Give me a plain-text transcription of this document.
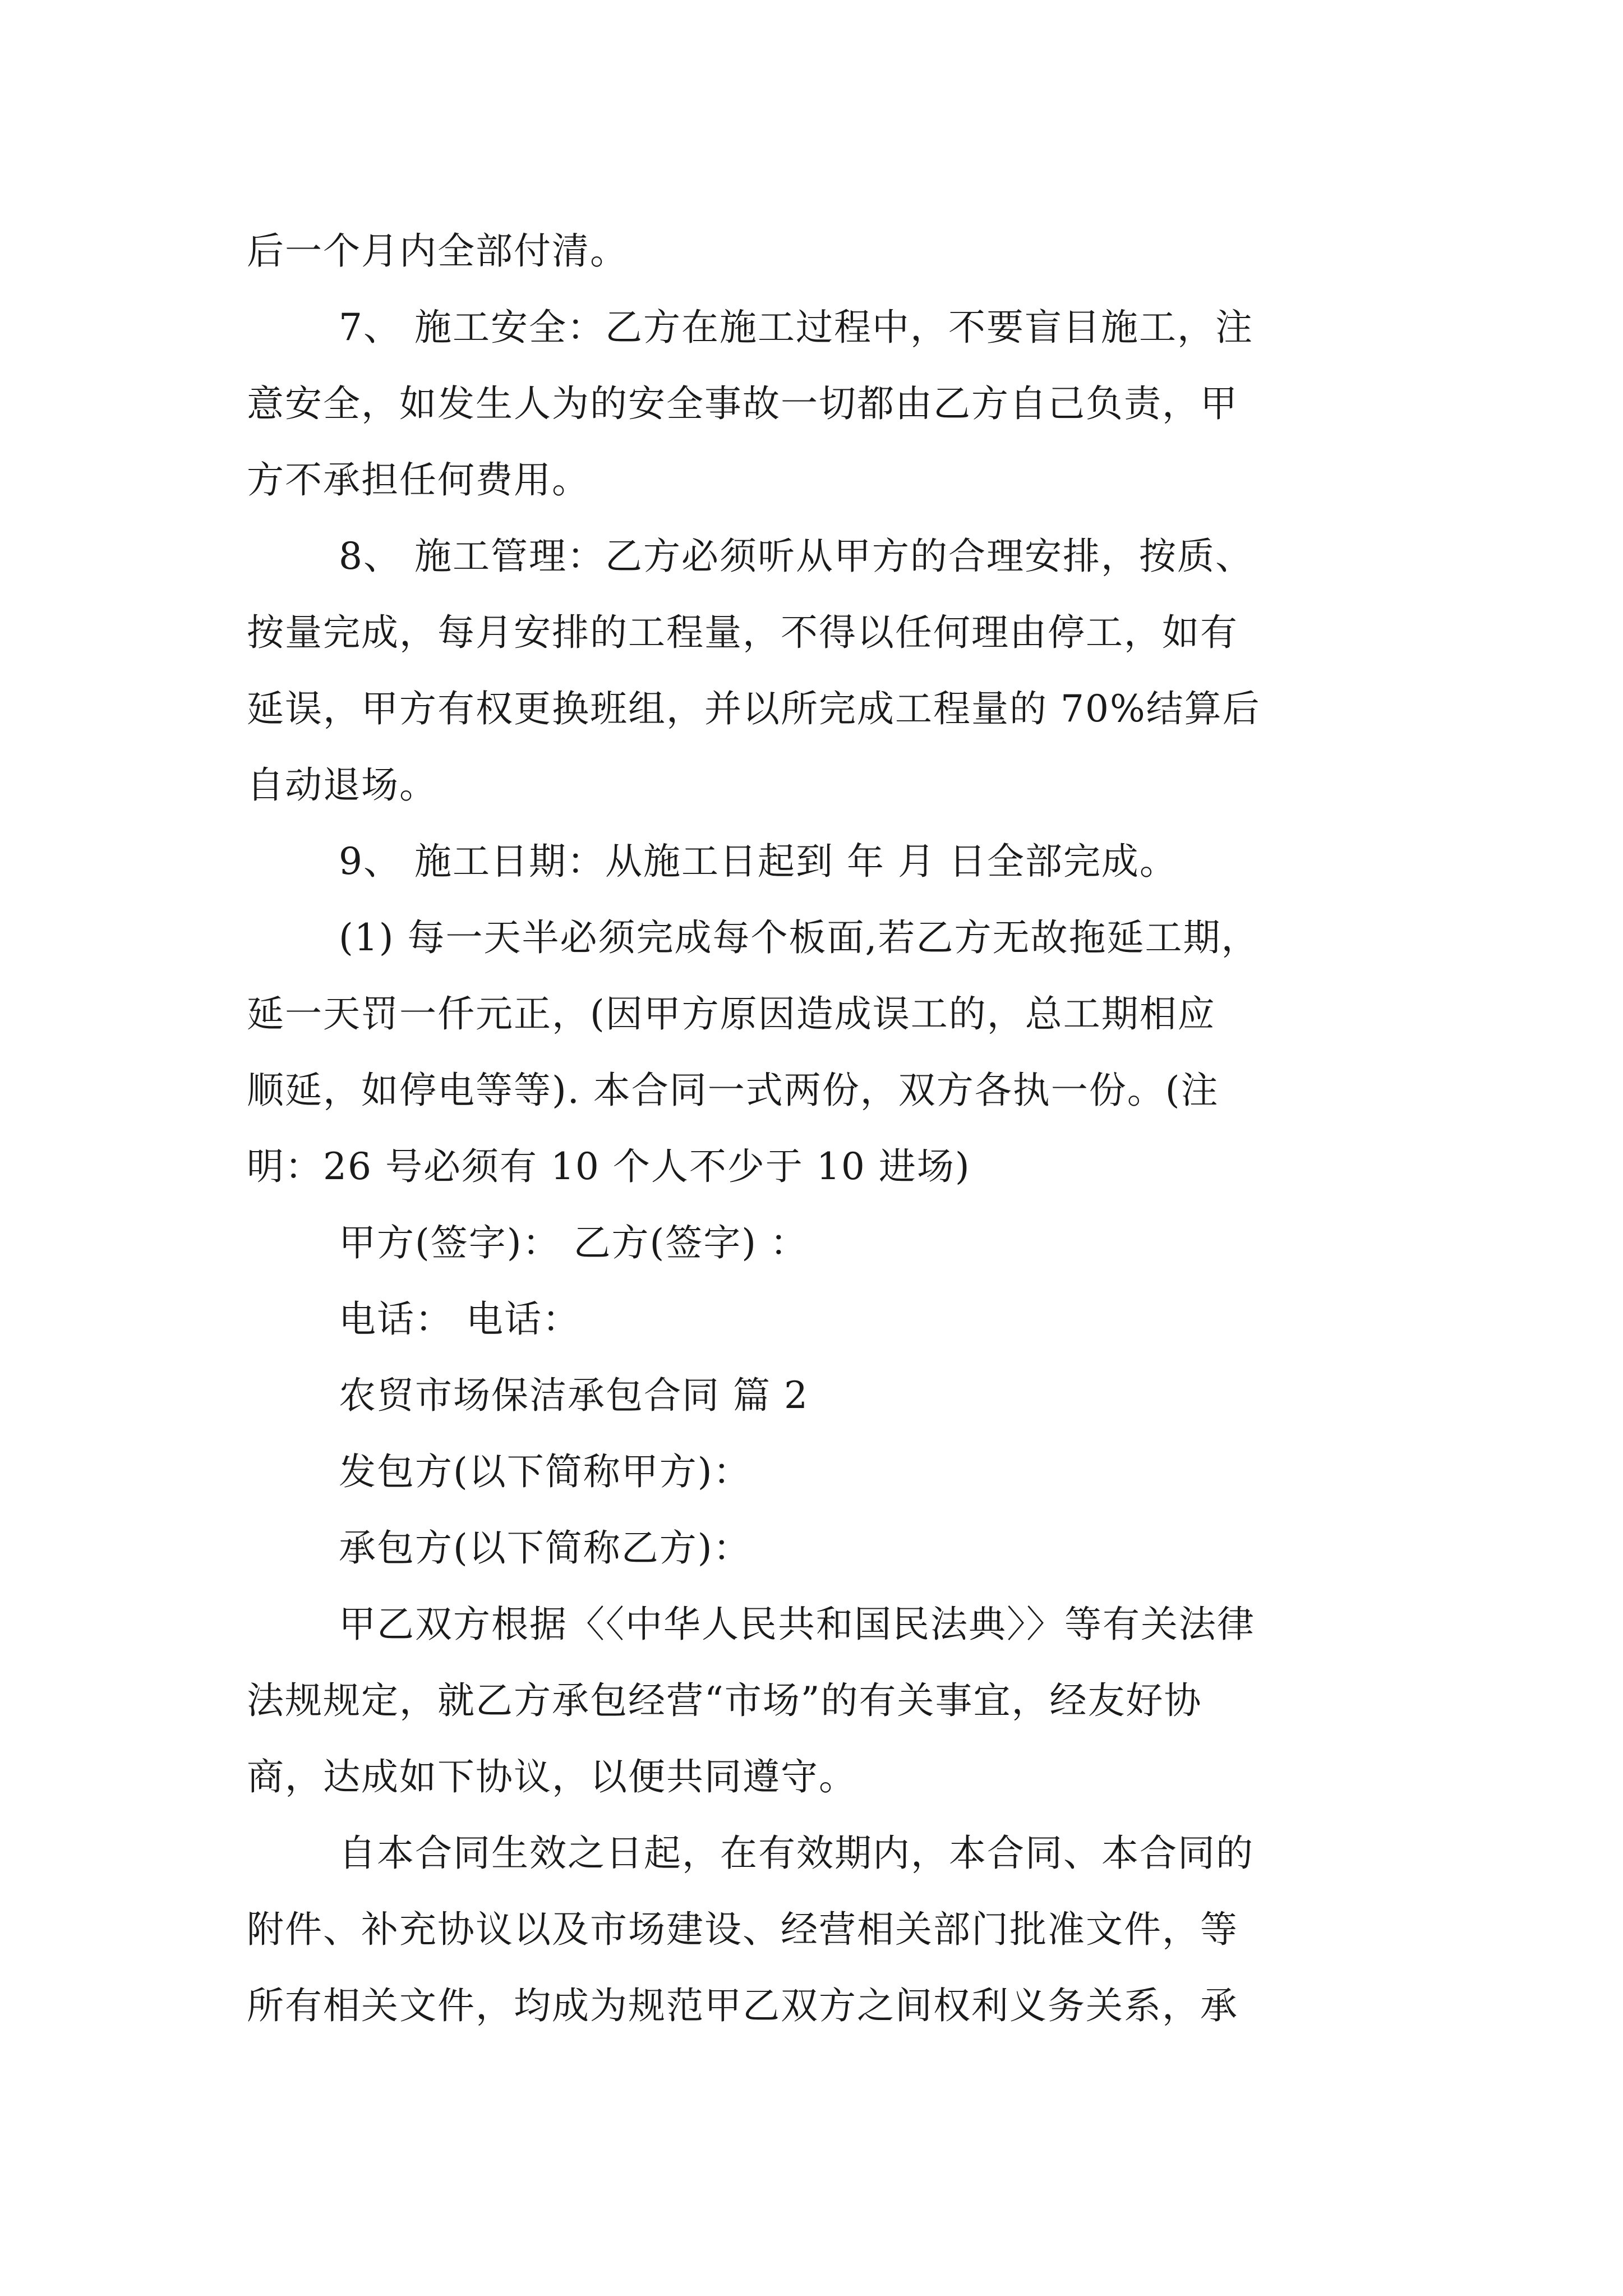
后一个月内全部付清。
7、 施工安全：乙方在施工过程中，不要盲目施工，注
意安全，如发生人为的安全事故一切都由乙方自己负责，甲
方不承担任何费用。
8、 施工管理：乙方必须听从甲方的合理安排，按质、
按量完成，每月安排的工程量，不得以任何理由停工，如有
延误，甲方有权更换班组，并以所完成工程量的 70%结算后
自动退场。
9、 施工日期：从施工日起到 年 月 日全部完成。
(1) 每一天半必须完成每个板面,若乙方无故拖延工期，
延一天罚一仟元正，(因甲方原因造成误工的，总工期相应
顺延，如停电等等). 本合同一式两份，双方各执一份。(注
明：26 号必须有 10 个人不少于 10 进场)
甲方(签字)： 乙方(签字) ：
电话： 电话：
农贸市场保洁承包合同 篇 2
发包方(以下简称甲方)：
承包方(以下简称乙方)：
甲乙双方根据〈〈中华人民共和国民法典〉〉等有关法律
法规规定，就乙方承包经营“市场”的有关事宜，经友好协
商，达成如下协议，以便共同遵守。
自本合同生效之日起，在有效期内，本合同、本合同的
附件、补充协议以及市场建设、经营相关部门批准文件，等
所有相关文件，均成为规范甲乙双方之间权利义务关系，承
